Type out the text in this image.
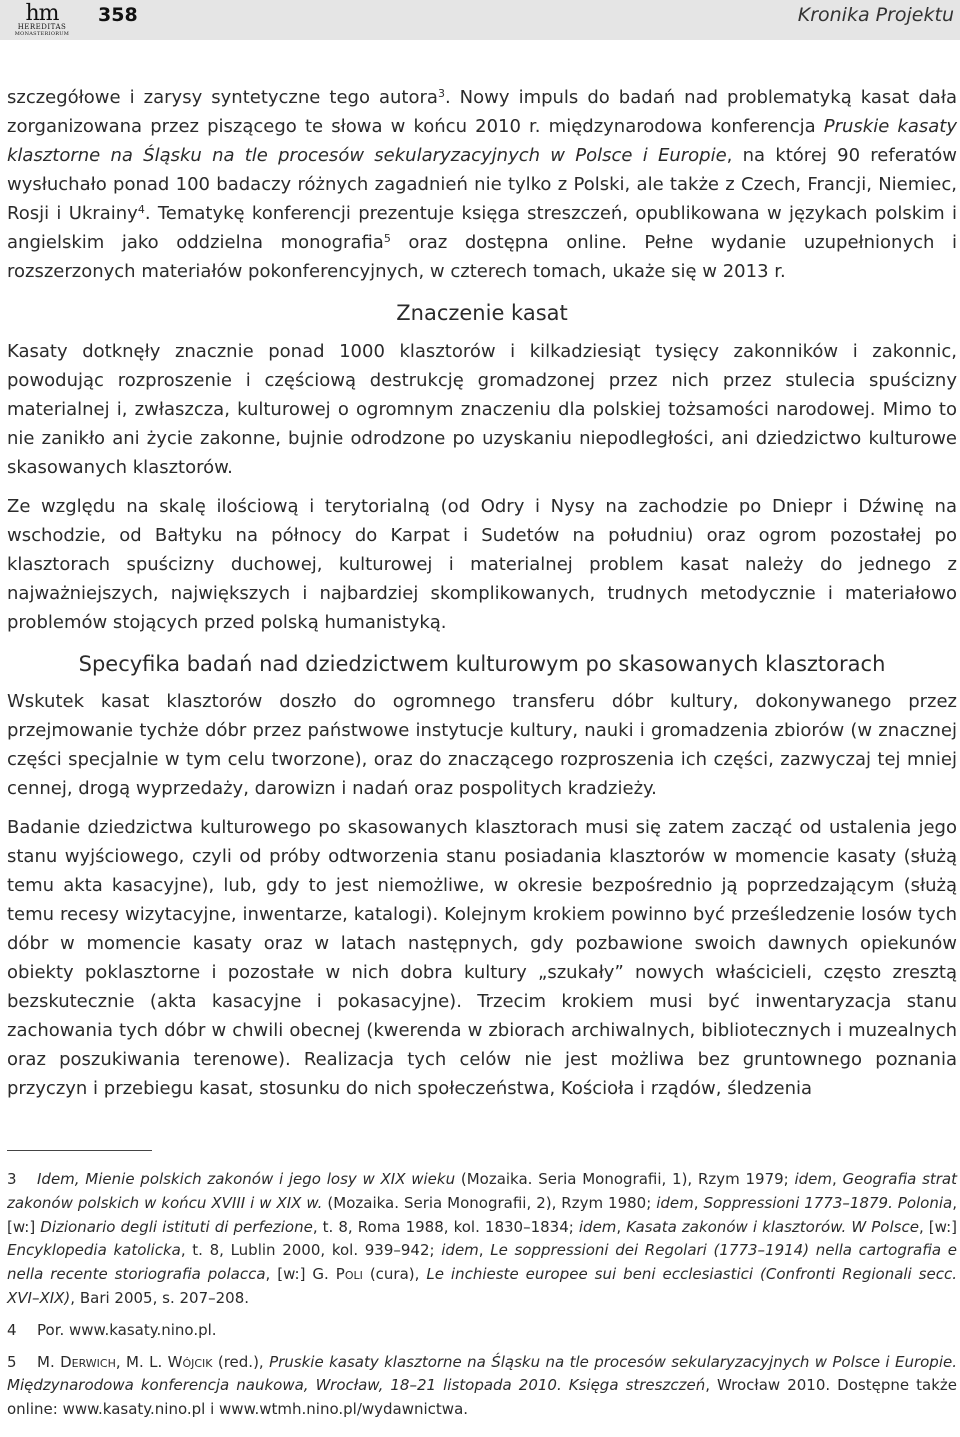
hm
HEREDITAS
MONASTERIORUM
358	Kronika Projektu

szczegółowe i zarysy syntetyczne tego autora$^3$. Nowy impuls do badań nad problematyką kasat dała zorganizowana przez piszącego te słowa w końcu 2010 r. międzynarodowa konferencja Pruskie kasaty klasztorne na Śląsku na tle procesów sekularyzacyjnych w Polsce i Europie, na której 90 referatów wysłuchało ponad 100 badaczy różnych zagadnień nie tylko z Polski, ale także z Czech, Francji, Niemiec, Rosji i Ukrainy$^4$. Tematykę konferencji prezentuje księga streszczeń, opublikowana w językach polskim i angielskim jako oddzielna monografia$^5$ oraz dostępna online. Pełne wydanie uzupełnionych i rozszerzonych materiałów pokonferencyjnych, w czterech tomach, ukaże się w 2013 r.

Znaczenie kasat

Kasaty dotknęły znacznie ponad 1000 klasztorów i kilkadziesiąt tysięcy zakonników i zakonnic, powodując rozproszenie i częściową destrukcję gromadzonej przez nich przez stulecia spuścizny materialnej i, zwłaszcza, kulturowej o ogromnym znaczeniu dla polskiej tożsamości narodowej. Mimo to nie zanikło ani życie zakonne, bujnie odrodzone po uzyskaniu niepodległości, ani dziedzictwo kulturowe skasowanych klasztorów.

Ze względu na skalę ilościową i terytorialną (od Odry i Nysy na zachodzie po Dniepr i Dźwinę na wschodzie, od Bałtyku na północy do Karpat i Sudetów na południu) oraz ogrom pozostałej po klasztorach spuścizny duchowej, kulturowej i materialnej problem kasat należy do jednego z najważniejszych, największych i najbardziej skomplikowanych, trudnych metodycznie i materiałowo problemów stojących przed polską humanistyką.

Specyfika badań nad dziedzictwem kulturowym po skasowanych klasztorach

Wskutek kasat klasztorów doszło do ogromnego transferu dóbr kultury, dokonywanego przez przejmowanie tychże dóbr przez państwowe instytucje kultury, nauki i gromadzenia zbiorów (w znacznej części specjalnie w tym celu tworzone), oraz do znaczącego rozproszenia ich części, zazwyczaj tej mniej cennej, drogą wyprzedaży, darowizn i nadań oraz pospolitych kradzieży.

Badanie dziedzictwa kulturowego po skasowanych klasztorach musi się zatem zacząć od ustalenia jego stanu wyjściowego, czyli od próby odtworzenia stanu posiadania klasztorów w momencie kasaty (służą temu akta kasacyjne), lub, gdy to jest niemożliwe, w okresie bezpośrednio ją poprzedzającym (służą temu recesy wizytacyjne, inwentarze, katalogi). Kolejnym krokiem powinno być prześledzenie losów tych dóbr w momencie kasaty oraz w latach następnych, gdy pozbawione swoich dawnych opiekunów obiekty poklasztorne i pozostałe w nich dobra kultury „szukały” nowych właścicieli, często zresztą bezskutecznie (akta kasacyjne i pokasacyjne). Trzecim krokiem musi być inwentaryzacja stanu zachowania tych dóbr w chwili obecnej (kwerenda w zbiorach archiwalnych, bibliotecznych i muzealnych oraz poszukiwania terenowe). Realizacja tych celów nie jest możliwa bez gruntownego poznania przyczyn i przebiegu kasat, stosunku do nich społeczeństwa, Kościoła i rządów, śledzenia

3 Idem, Mienie polskich zakonów i jego losy w XIX wieku (Mozaika. Seria Monografii, 1), Rzym 1979; idem, Geografia strat zakonów polskich w końcu XVIII i w XIX w. (Mozaika. Seria Monografii, 2), Rzym 1980; idem, Soppressioni 1773–1879. Polonia, [w:] Dizionario degli istituti di perfezione, t. 8, Roma 1988, kol. 1830–1834; idem, Kasata zakonów i klasztorów. W Polsce, [w:] Encyklopedia katolicka, t. 8, Lublin 2000, kol. 939–942; idem, Le soppressioni dei Regolari (1773–1914) nella cartografia e nella recente storiografia polacca, [w:] G. Poli (cura), Le inchieste europee sui beni ecclesiastici (Confronti Regionali secc. XVI–XIX), Bari 2005, s. 207–208.

4 Por. www.kasaty.nino.pl.

5 M. Derwich, M. L. Wójcik (red.), Pruskie kasaty klasztorne na Śląsku na tle procesów sekularyzacyjnych w Polsce i Europie. Międzynarodowa konferencja naukowa, Wrocław, 18–21 listopada 2010. Księga streszczeń, Wrocław 2010. Dostępne także online: www.kasaty.nino.pl i www.wtmh.nino.pl/wydawnictwa.
